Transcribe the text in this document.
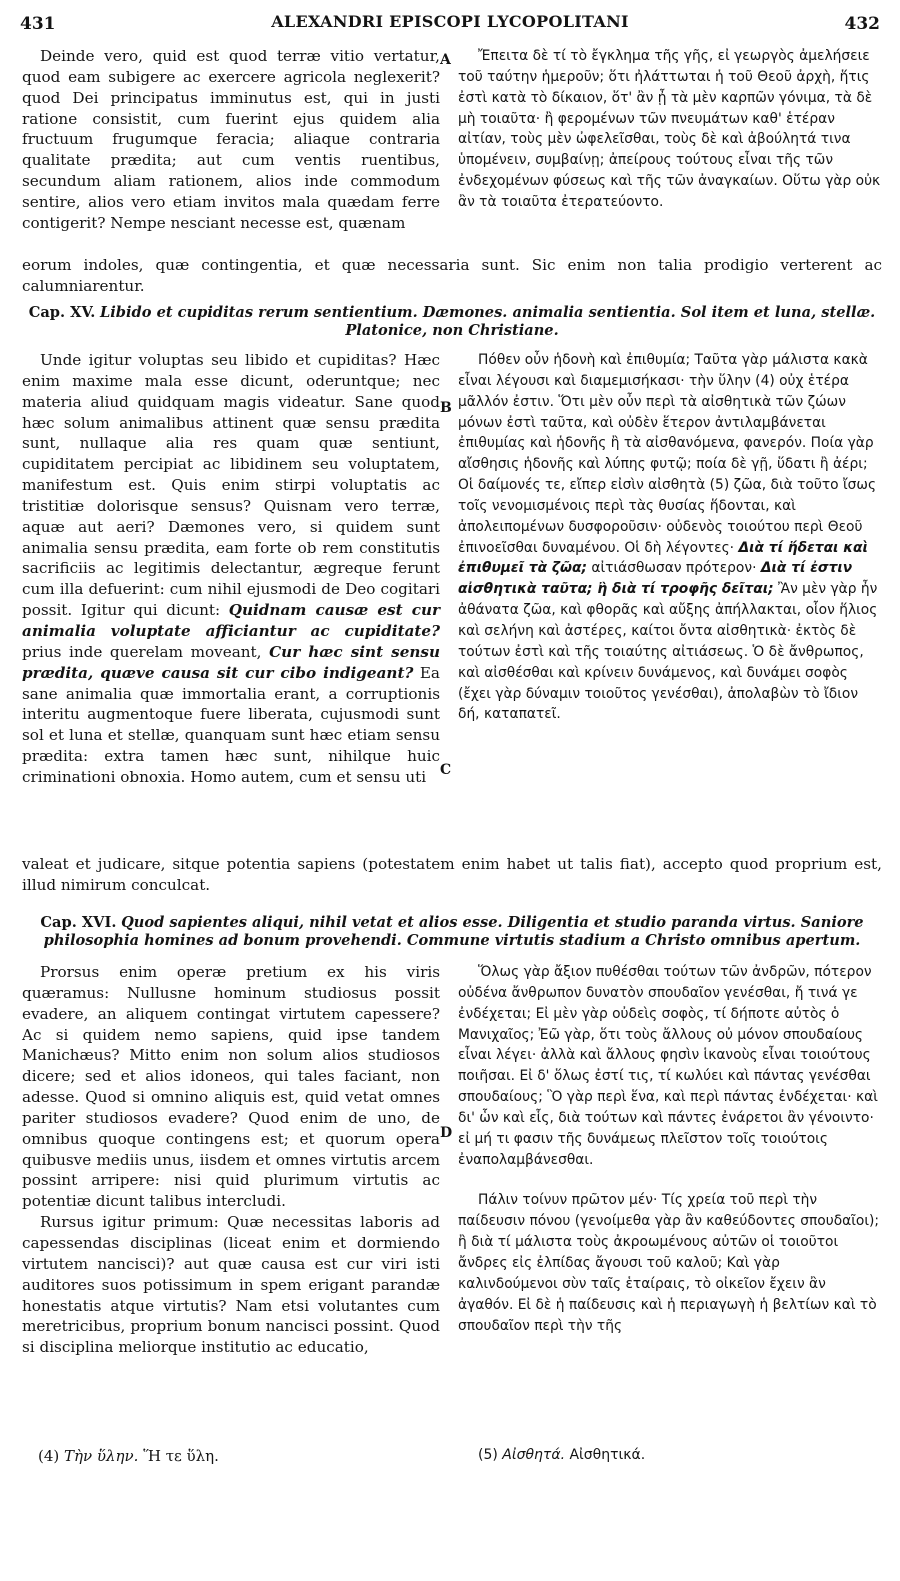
431	ALEXANDRI EPISCOPI LYCOPOLITANI	432

Deinde vero, quid est quod terræ vitio vertatur, quod eam subigere ac exercere agricola neglexerit? quod Dei principatus imminutus est, qui in justi ratione consistit, cum fuerint ejus quidem alia fructuum frugumque feracia; aliaque contraria qualitate prædita; aut cum ventis ruentibus, secundum aliam rationem, alios inde commodum sentire, alios vero etiam invitos mala quædam ferre contigerit? Nempe nesciant necesse est, quænam

A	Ἔπειτα δὲ τί τὸ ἔγκλημα τῆς γῆς, εἰ γεωργὸς ἀμελήσειε τοῦ ταύτην ἡμεροῦν; ὅτι ἠλάττωται ἡ τοῦ Θεοῦ ἀρχὴ, ἥτις ἐστὶ κατὰ τὸ δίκαιον, ὅτ' ἂν ᾖ τὰ μὲν καρπῶν γόνιμα, τὰ δὲ μὴ τοιαῦτα· ἢ φερομένων τῶν πνευμάτων καθ' ἑτέραν αἰτίαν, τοὺς μὲν ὠφελεῖσθαι, τοὺς δὲ καὶ ἀβούλητά τινα ὑπομένειν, συμβαίνῃ; ἀπείρους τούτους εἶναι τῆς τῶν ἐνδεχομένων φύσεως καὶ τῆς τῶν ἀναγκαίων. Οὕτω γὰρ οὐκ ἂν τὰ τοιαῦτα ἐτερατεύοντο.

eorum indoles, quæ contingentia, et quæ necessaria sunt. Sic enim non talia prodigio verterent ac calumniarentur.
Cap. XV. Libido et cupiditas rerum sentientium. Dæmones. animalia sentientia. Sol item et luna, stellæ. Platonice, non Christiane.

Unde igitur voluptas seu libido et cupiditas? Hæc enim maxime mala esse dicunt, oderuntque; nec materia aliud quidquam magis videatur. Sane quod hæc solum animalibus attinent quæ sensu prædita sunt, nullaque alia res quam quæ sentiunt, cupiditatem percipiat ac libidinem seu voluptatem, manifestum est. Quis enim stirpi voluptatis ac tristitiæ dolorisque sensus? Quisnam vero terræ, aquæ aut aeri? Dæmones vero, si quidem sunt animalia sensu prædita, eam forte ob rem constitutis sacrificiis ac legitimis delectantur, ægreque ferunt cum illa defuerint: cum nihil ejusmodi de Deo cogitari possit. Igitur qui dicunt: Quidnam causæ est cur animalia voluptate afficiantur ac cupiditate? prius inde querelam moveant, Cur hæc sint sensu prædita, quæve causa sit cur cibo indigeant? Ea sane animalia quæ immortalia erant, a corruptionis interitu augmentoque fuere liberata, cujusmodi sunt sol et luna et stellæ, quanquam sunt hæc etiam sensu prædita: extra tamen hæc sunt, nihilque huic criminationi obnoxia. Homo autem, cum et sensu uti

B
C

Πόθεν οὖν ἡδονὴ καὶ ἐπιθυμία; Ταῦτα γὰρ μάλιστα κακὰ εἶναι λέγουσι καὶ διαμεμισήκασι· τὴν ὕλην (4) οὐχ ἑτέρα μᾶλλόν ἐστιν. Ὅτι μὲν οὖν περὶ τὰ αἰσθητικὰ τῶν ζώων μόνων ἐστὶ ταῦτα, καὶ οὐδὲν ἕτερον ἀντιλαμβάνεται ἐπιθυμίας καὶ ἡδονῆς ἢ τὰ αἰσθανόμενα, φανερόν. Ποία γὰρ αἴσθησις ἡδονῆς καὶ λύπης φυτῷ; ποία δὲ γῇ, ὕδατι ἢ ἀέρι; Οἱ δαίμονές τε, εἴπερ εἰσὶν αἰσθητὰ (5) ζῶα, διὰ τοῦτο ἴσως τοῖς νενομισμένοις περὶ τὰς θυσίας ἥδονται, καὶ ἀπολειπομένων δυσφοροῦσιν· οὐδενὸς τοιούτου περὶ Θεοῦ ἐπινοεῖσθαι δυναμένου. Οἱ δὴ λέγοντες· Διὰ τί ἥδεται καὶ ἐπιθυμεῖ τὰ ζῶα; αἰτιάσθωσαν πρότερον· Διὰ τί ἐστιν αἰσθητικὰ ταῦτα; ἢ διὰ τί τροφῆς δεῖται; Ἂν μὲν γὰρ ἦν ἀθάνατα ζῶα, καὶ φθορᾶς καὶ αὔξης ἀπήλλακται, οἷον ἥλιος καὶ σελήνη καὶ ἀστέρες, καίτοι ὄντα αἰσθητικὰ· ἐκτὸς δὲ τούτων ἐστὶ καὶ τῆς τοιαύτης αἰτιάσεως. Ὁ δὲ ἄνθρωπος, καὶ αἰσθέσθαι καὶ κρίνειν δυνάμενος, καὶ δυνάμει σοφὸς (ἔχει γὰρ δύναμιν τοιοῦτος γενέσθαι), ἀπολαβὼν τὸ ἴδιον δή, καταπατεῖ.

valeat et judicare, sitque potentia sapiens (potestatem enim habet ut talis fiat), accepto quod proprium est, illud nimirum conculcat.
Cap. XVI. Quod sapientes aliqui, nihil vetat et alios esse. Diligentia et studio paranda virtus. Saniore philosophia homines ad bonum provehendi. Commune virtutis stadium a Christo omnibus apertum.

Prorsus enim operæ pretium ex his viris quæramus: Nullusne hominum studiosus possit evadere, an aliquem contingat virtutem capessere? Ac si quidem nemo sapiens, quid ipse tandem Manichæus? Mitto enim non solum alios studiosos dicere; sed et alios idoneos, qui tales faciant, non adesse. Quod si omnino aliquis est, quid vetat omnes pariter studiosos evadere? Quod enim de uno, de omnibus quoque contingens est; et quorum opera quibusve mediis unus, iisdem et omnes virtutis arcem possint arripere: nisi quid plurimum virtutis ac potentiæ dicunt talibus intercludi.

Rursus igitur primum: Quæ necessitas laboris ad capessendas disciplinas (liceat enim et dormiendo virtutem nancisci)? aut quæ causa est cur viri isti auditores suos potissimum in spem erigant parandæ honestatis atque virtutis? Nam etsi volutantes cum meretricibus, proprium bonum nancisci possint. Quod si disciplina meliorque institutio ac educatio,

D

Ὅλως γὰρ ἄξιον πυθέσθαι τούτων τῶν ἀνδρῶν, πότερον οὐδένα ἄνθρωπον δυνατὸν σπουδαῖον γενέσθαι, ἤ τινά γε ἐνδέχεται; Εἰ μὲν γὰρ οὐδεὶς σοφὸς, τί δήποτε αὐτὸς ὁ Μανιχαῖος; Ἐῶ γὰρ, ὅτι τοὺς ἄλλους οὐ μόνον σπουδαίους εἶναι λέγει· ἀλλὰ καὶ ἄλλους φησὶν ἱκανοὺς εἶναι τοιούτους ποιῆσαι. Εἰ δ' ὅλως ἐστί τις, τί κωλύει καὶ πάντας γενέσθαι σπουδαίους; Ὃ γὰρ περὶ ἕνα, καὶ περὶ πάντας ἐνδέχεται· καὶ δι' ὧν καὶ εἷς, διὰ τούτων καὶ πάντες ἐνάρετοι ἂν γένοιντο· εἰ μή τι φασιν τῆς δυνάμεως πλεῖστον τοῖς τοιούτοις ἐναπολαμβάνεσθαι.

Πάλιν τοίνυν πρῶτον μέν· Τίς χρεία τοῦ περὶ τὴν παίδευσιν πόνου (γενοίμεθα γὰρ ἂν καθεύδοντες σπουδαῖοι); ἢ διὰ τί μάλιστα τοὺς ἀκροωμένους αὐτῶν οἱ τοιοῦτοι ἄνδρες εἰς ἐλπίδας ἄγουσι τοῦ καλοῦ; Καὶ γὰρ καλινδούμενοι σὺν ταῖς ἑταίραις, τὸ οἰκεῖον ἔχειν ἂν ἀγαθόν. Εἰ δὲ ἡ παίδευσις καὶ ἡ περιαγωγὴ ἡ βελτίων καὶ τὸ σπουδαῖον περὶ τὴν τῆς

(4) Τὴν ὕλην. Ἥ τε ὕλη.	(5) Αἰσθητά. Αἰσθητικά.
